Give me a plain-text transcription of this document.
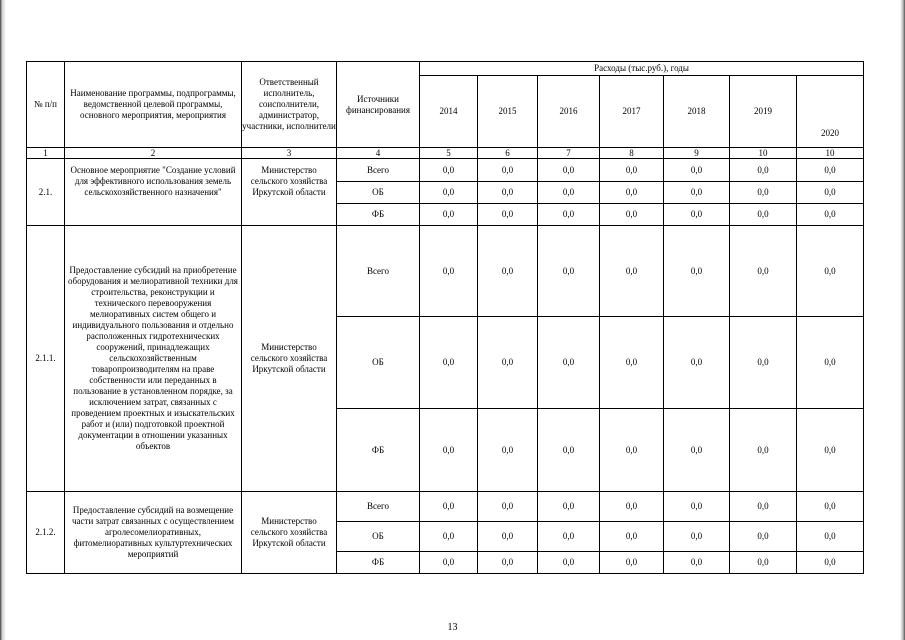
№ п/п	Наименование программы, подпрограммы, ведомственной целевой программы, основного мероприятия, мероприятия	Ответственный исполнитель, соисполнители, администратор, участники, исполнители	Источники финансирования	Расходы (тыс.руб.), годы						
				2014	2015	2016	2017	2018	2019	2020
1	2	3	4	5	6	7	8	9	10	10
2.1.	Основное мероприятие "Создание условий для эффективного использования земель сельскохозяйственного назначения"	Министерство сельского хозяйства Иркутской области	Всего	0,0	0,0	0,0	0,0	0,0	0,0	0,0
			ОБ	0,0	0,0	0,0	0,0	0,0	0,0	0,0
			ФБ	0,0	0,0	0,0	0,0	0,0	0,0	0,0
2.1.1.	Предоставление субсидий на приобретение оборудования и мелиоративной техники для строительства, реконструкции и технического перевооружения мелиоративных систем общего и индивидуального пользования и отдельно расположенных гидротехнических сооружений, принадлежащих сельскохозяйственным товаропроизводителям на праве собственности или переданных в пользование в установленном порядке, за исключением затрат, связанных с проведением проектных и изыскательских работ и (или) подготовкой проектной документации в отношении указанных объектов	Министерство сельского хозяйства Иркутской области	Всего	0,0	0,0	0,0	0,0	0,0	0,0	0,0
			ОБ	0,0	0,0	0,0	0,0	0,0	0,0	0,0
			ФБ	0,0	0,0	0,0	0,0	0,0	0,0	0,0
2.1.2.	Предоставление субсидий на возмещение части затрат связанных с осуществлением агролесомелиоративных, фитомелиоративных культуртехнических мероприятий	Министерство сельского хозяйства Иркутской области	Всего	0,0	0,0	0,0	0,0	0,0	0,0	0,0
			ОБ	0,0	0,0	0,0	0,0	0,0	0,0	0,0
			ФБ	0,0	0,0	0,0	0,0	0,0	0,0	0,0
13
